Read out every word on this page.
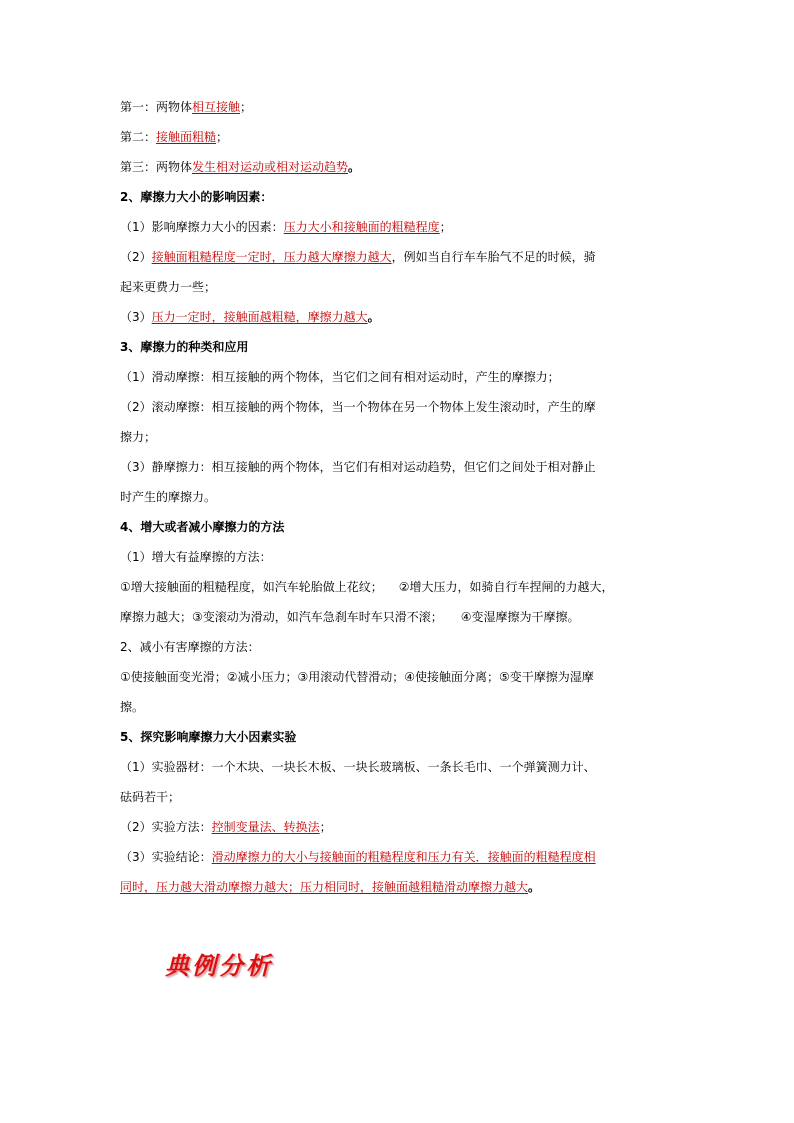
第一：两物体相互接触；
第二：接触面粗糙；
第三：两物体发生相对运动或相对运动趋势。
2、摩擦力大小的影响因素：
（1）影响摩擦力大小的因素：压力大小和接触面的粗糙程度；
（2）接触面粗糙程度一定时，压力越大摩擦力越大，例如当自行车车胎气不足的时候，骑
起来更费力一些；
（3）压力一定时，接触面越粗糙，摩擦力越大。
3、摩擦力的种类和应用
（1）滑动摩擦：相互接触的两个物体，当它们之间有相对运动时，产生的摩擦力；
（2）滚动摩擦：相互接触的两个物体，当一个物体在另一个物体上发生滚动时，产生的摩
擦力；
（3）静摩擦力：相互接触的两个物体，当它们有相对运动趋势，但它们之间处于相对静止
时产生的摩擦力。
4、增大或者减小摩擦力的方法
（1）增大有益摩擦的方法：
①增大接触面的粗糙程度，如汽车轮胎做上花纹； ②增大压力，如骑自行车捏闸的力越大，
摩擦力越大；③变滚动为滑动，如汽车急刹车时车只滑不滚； ④变湿摩擦为干摩擦。
2、减小有害摩擦的方法：
①使接触面变光滑；②减小压力；③用滚动代替滑动；④使接触面分离；⑤变干摩擦为湿摩
擦。
5、探究影响摩擦力大小因素实验
（1）实验器材：一个木块、一块长木板、一块长玻璃板、一条长毛巾、一个弹簧测力计、
砝码若干；
（2）实验方法：控制变量法、转换法；
（3）实验结论：滑动摩擦力的大小与接触面的粗糙程度和压力有关．接触面的粗糙程度相
同时，压力越大滑动摩擦力越大；压力相同时，接触面越粗糙滑动摩擦力越大。
典例分析
